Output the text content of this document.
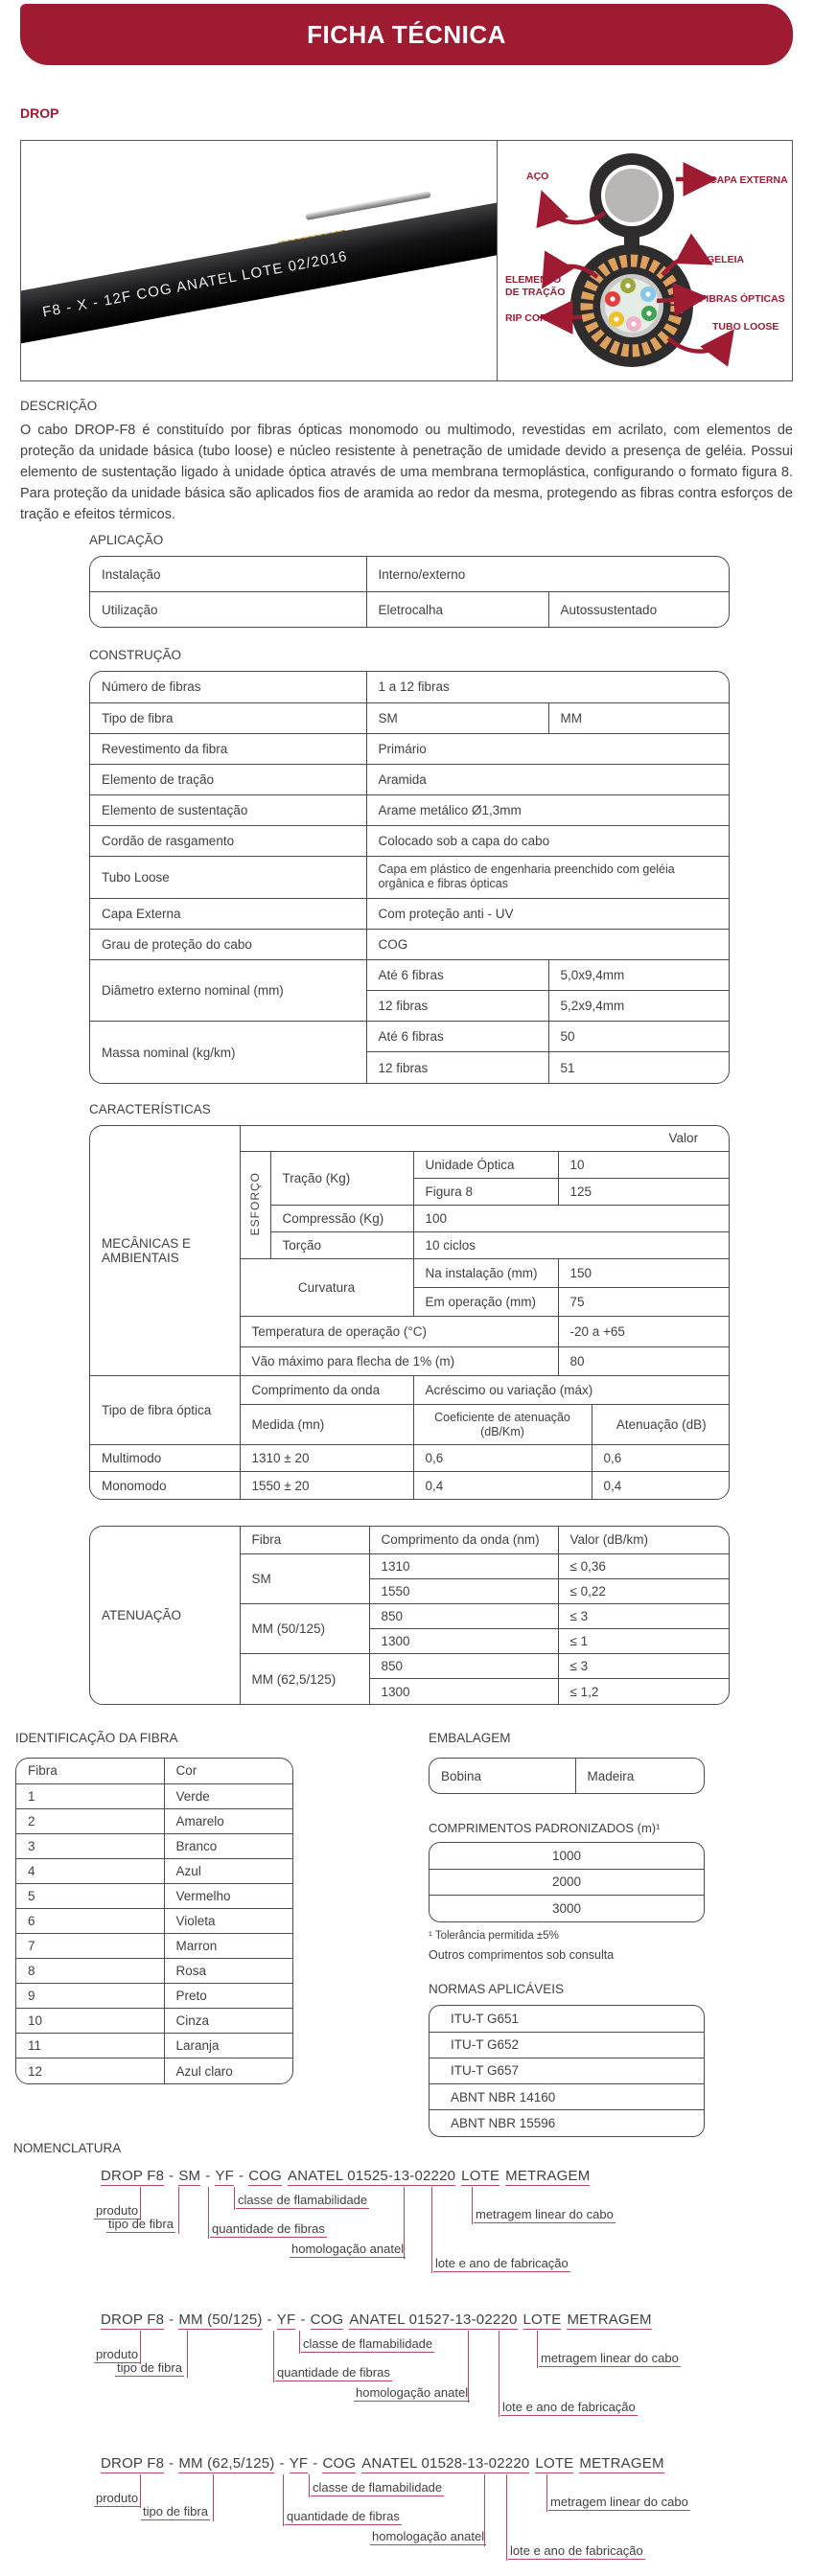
FICHA TÉCNICA
DROP
F8 - X - 12F COG ANATEL LOTE 02/2016
AÇO	CAPA EXTERNA
GELEIA
FIBRAS ÓPTICAS
TUBO LOOSE
ELEMENTO
DE TRAÇÃO
RIP CORD
DESCRIÇÃO
O cabo DROP-F8 é constituído por fibras ópticas monomodo ou multimodo, revestidas em acrilato, com elementos de proteção da unidade básica (tubo loose) e núcleo resistente à penetração de umidade devido a presença de geléia. Possui elemento de sustentação ligado à unidade óptica através de uma membrana termoplástica, configurando o formato figura 8. Para proteção da unidade básica são aplicados fios de aramida ao redor da mesma, protegendo as fibras contra esforços de tração e efeitos térmicos.
APLICAÇÃO
Instalação	Interno/externo	
Utilização	Eletrocalha	Autossustentado
CONSTRUÇÃO
Número de fibras	1 a 12 fibras	
Tipo de fibra	SM	MM
Revestimento da fibra	Primário	
Elemento de tração	Aramida	
Elemento de sustentação	Arame metálico Ø1,3mm	
Cordão de rasgamento	Colocado sob a capa do cabo	
Tubo Loose	Capa em plástico de engenharia preenchido com geléia orgânica e fibras ópticas	
Capa Externa	Com proteção anti - UV	
Grau de proteção do cabo	COG	
Diâmetro externo nominal (mm)	Até 6 fibras	5,0x9,4mm
	12 fibras	5,2x9,4mm
Massa nominal (kg/km)	Até 6 fibras	50
	12 fibras	51
CARACTERÍSTICAS
MECÂNICAS E AMBIENTAIS	Valor				
	ESFORÇO	Tração (Kg)	Unidade Óptica	10	
			Figura 8	125	
		Compressão (Kg)	100		
		Torção	10 ciclos		
	Curvatura		Na instalação (mm)	150	
			Em operação (mm)	75	
	Temperatura de operação (°C)			-20 a +65	
	Vão máximo para flecha de 1% (m)			80	
Tipo de fibra óptica	Comprimento da onda		Acréscimo ou variação (máx)		
	Medida (mn)		Coeficiente de atenuação (dB/Km)		Atenuação (dB)
Multimodo	1310 ± 20		0,6		0,6
Monomodo	1550 ± 20		0,4		0,4
ATENUAÇÃO	Fibra	Comprimento da onda (nm)	Valor (dB/km)
	SM	1310	≤ 0,36
		1550	≤ 0,22
	MM (50/125)	850	≤ 3
		1300	≤ 1
	MM (62,5/125)	850	≤ 3
		1300	≤ 1,2
IDENTIFICAÇÃO DA FIBRA
Fibra	Cor
1	Verde
2	Amarelo
3	Branco
4	Azul
5	Vermelho
6	Violeta
7	Marron
8	Rosa
9	Preto
10	Cinza
11	Laranja
12	Azul claro
EMBALAGEM
Bobina	Madeira
COMPRIMENTOS PADRONIZADOS (m)¹
1000
2000
3000
¹ Tolerância permitida ±5%
Outros comprimentos sob consulta
NORMAS APLICÁVEIS
ITU-T G651
ITU-T G652
ITU-T G657
ABNT NBR 14160
ABNT NBR 15596
NOMENCLATURA
DROP F8 - SM - YF - COG ANATEL 01525-13-02220 LOTE METRAGEM
classe de flamabilidade
produto	metragem linear do cabo
tipo de fibra	quantidade de fibras
homologação anatel
lote e ano de fabricação
DROP F8 - MM (50/125) - YF - COG ANATEL 01527-13-02220 LOTE METRAGEM
classe de flamabilidade
produto	metragem linear do cabo
tipo de fibra	quantidade de fibras
homologação anatel
lote e ano de fabricação
DROP F8 - MM (62,5/125) - YF - COG ANATEL 01528-13-02220 LOTE METRAGEM
classe de flamabilidade
produto	metragem linear do cabo
tipo de fibra	quantidade de fibras
homologação anatel
lote e ano de fabricação
